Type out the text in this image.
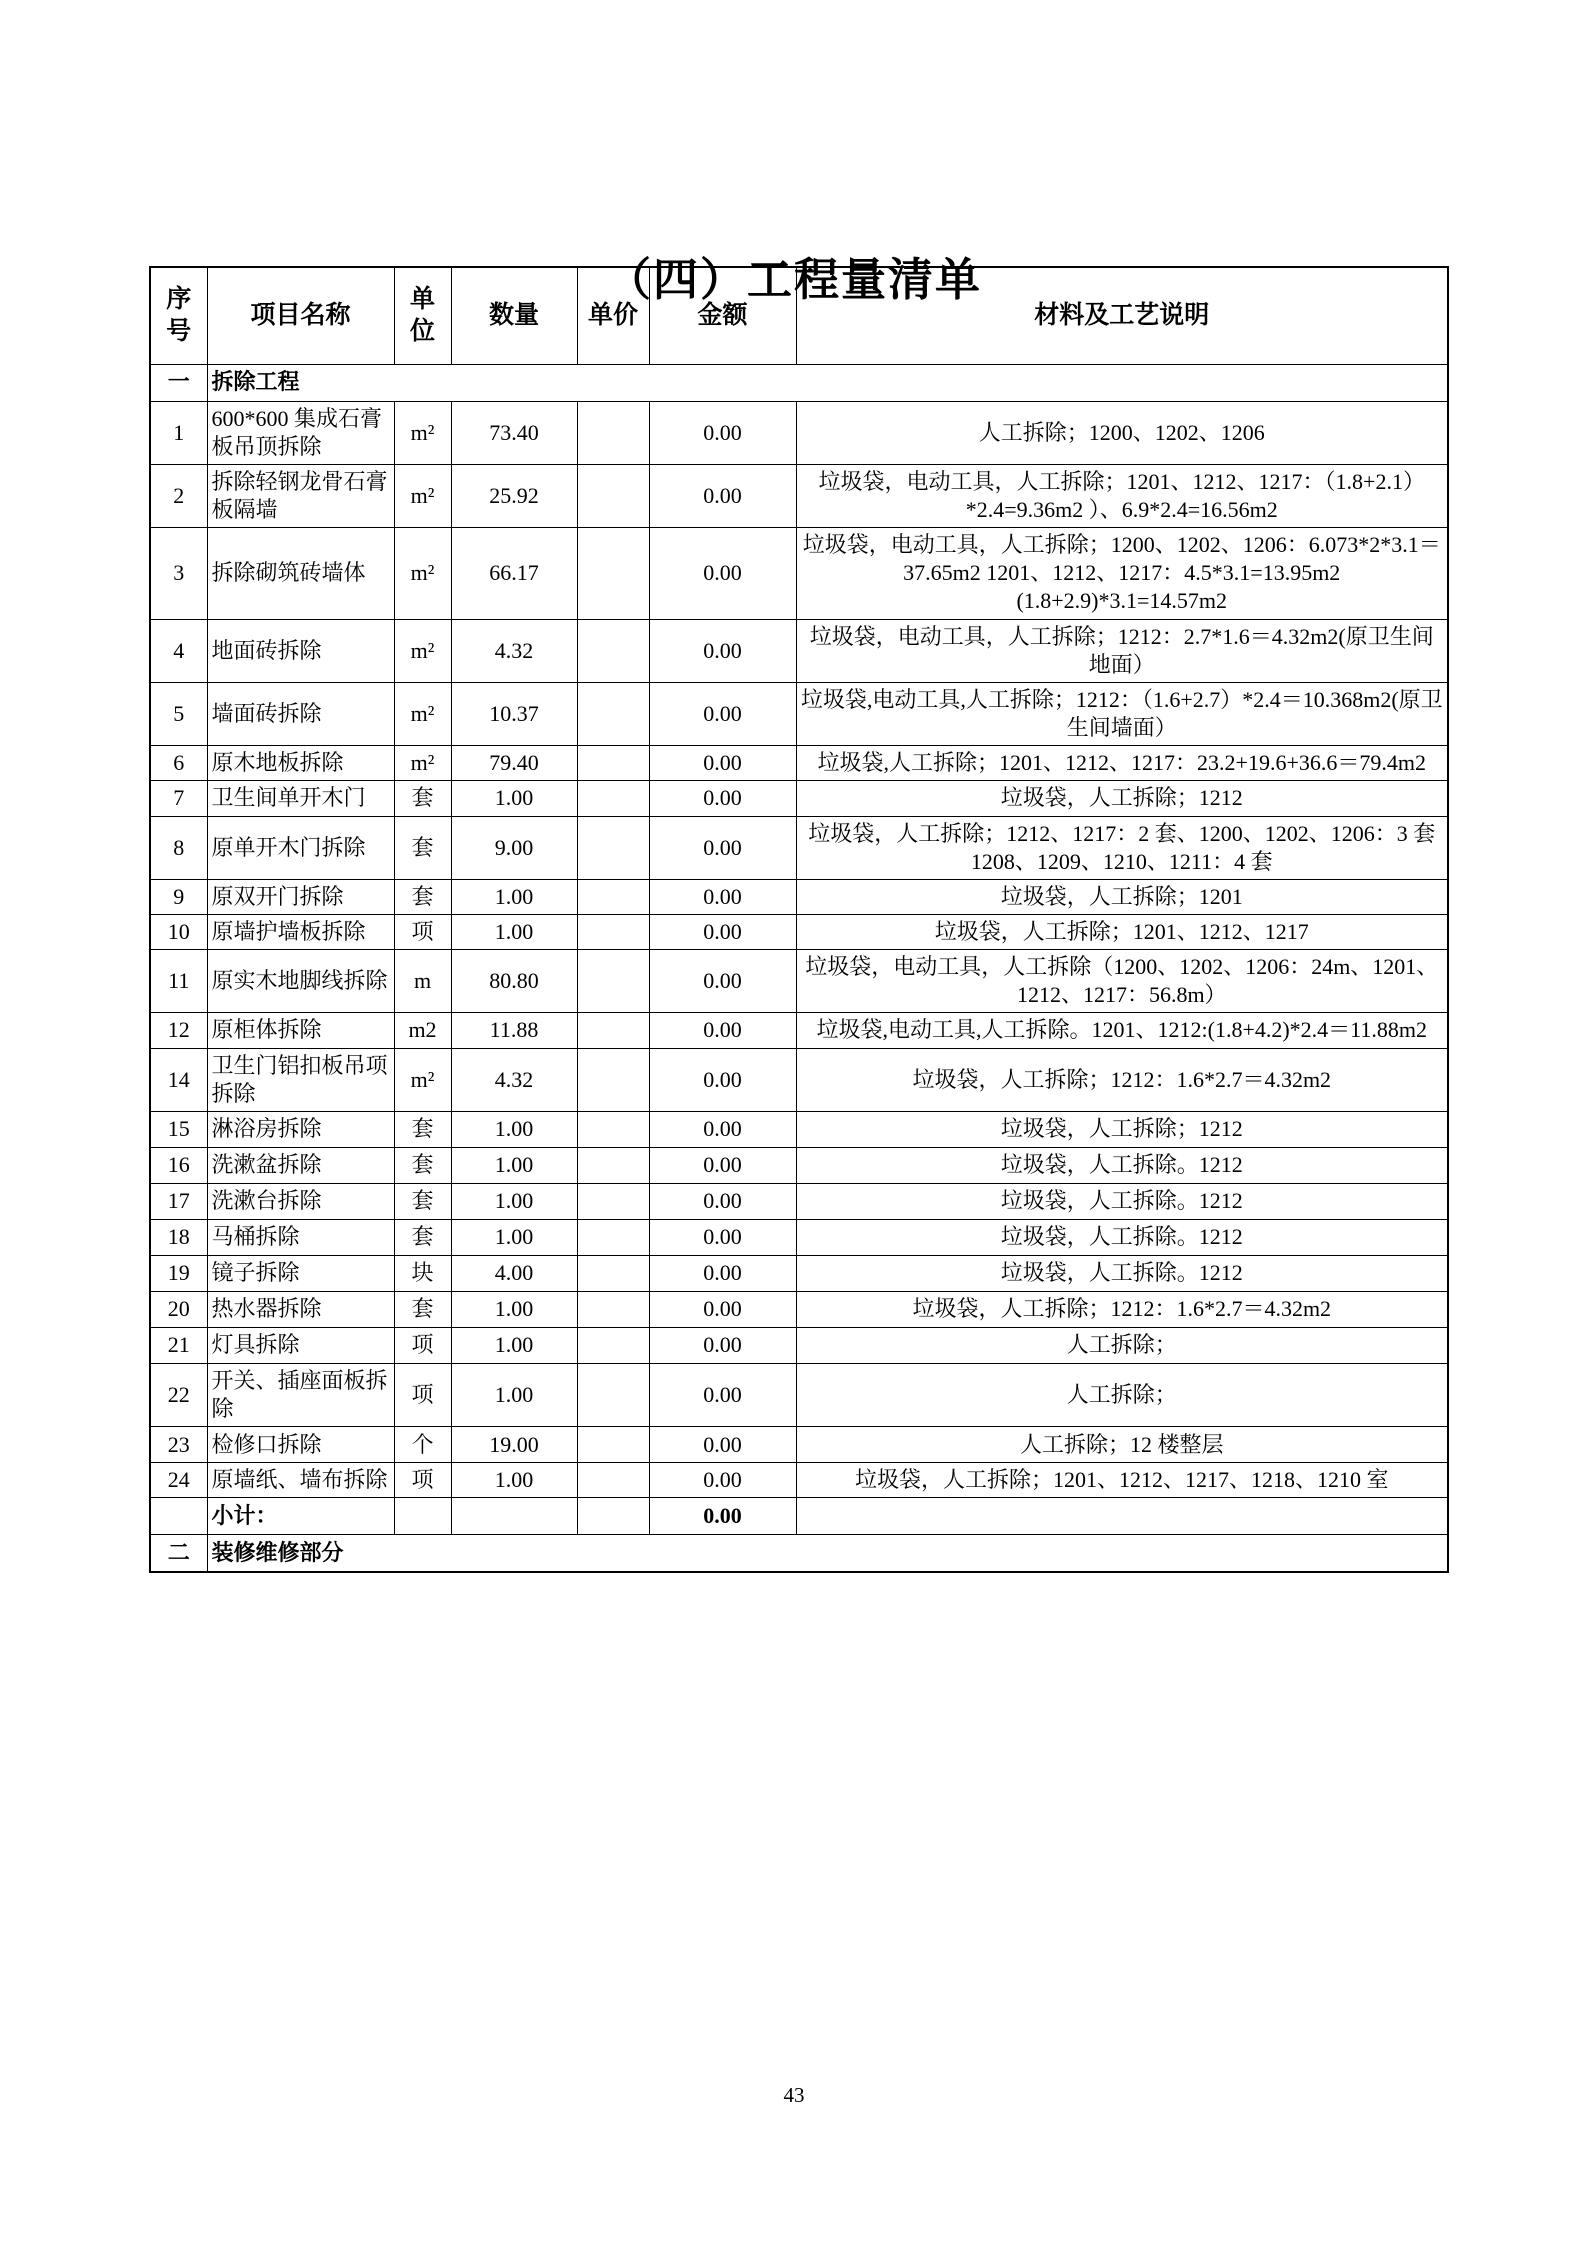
（四）工程量清单
序号	项目名称	单位	数量	单价	金额	材料及工艺说明
一	拆除工程					
1	600*600 集成石膏板吊顶拆除	m²	73.40		0.00	人工拆除；1200、1202、1206
2	拆除轻钢龙骨石膏板隔墙	m²	25.92		0.00	垃圾袋，电动工具，人工拆除；1201、1212、1217：（1.8+2.1）*2.4=9.36m2 ）、6.9*2.4=16.56m2
3	拆除砌筑砖墙体	m²	66.17		0.00	垃圾袋，电动工具，人工拆除；1200、1202、1206：6.073*2*3.1＝37.65m2 1201、1212、1217：4.5*3.1=13.95m2 (1.8+2.9)*3.1=14.57m2
4	地面砖拆除	m²	4.32		0.00	垃圾袋，电动工具，人工拆除；1212：2.7*1.6＝4.32m2(原卫生间地面）
5	墙面砖拆除	m²	10.37		0.00	垃圾袋,电动工具,人工拆除；1212：（1.6+2.7）*2.4＝10.368m2(原卫生间墙面）
6	原木地板拆除	m²	79.40		0.00	垃圾袋,人工拆除；1201、1212、1217：23.2+19.6+36.6＝79.4m2
7	卫生间单开木门	套	1.00		0.00	垃圾袋，人工拆除；1212
8	原单开木门拆除	套	9.00		0.00	垃圾袋，人工拆除；1212、1217：2 套、1200、1202、1206：3 套 1208、1209、1210、1211：4 套
9	原双开门拆除	套	1.00		0.00	垃圾袋，人工拆除；1201
10	原墙护墙板拆除	项	1.00		0.00	垃圾袋，人工拆除；1201、1212、1217
11	原实木地脚线拆除	m	80.80		0.00	垃圾袋，电动工具，人工拆除（1200、1202、1206：24m、1201、1212、1217：56.8m）
12	原柜体拆除	m2	11.88		0.00	垃圾袋,电动工具,人工拆除。1201、1212:(1.8+4.2)*2.4＝11.88m2
14	卫生门铝扣板吊项拆除	m²	4.32		0.00	垃圾袋，人工拆除；1212：1.6*2.7＝4.32m2
15	淋浴房拆除	套	1.00		0.00	垃圾袋，人工拆除；1212
16	洗漱盆拆除	套	1.00		0.00	垃圾袋，人工拆除。1212
17	洗漱台拆除	套	1.00		0.00	垃圾袋，人工拆除。1212
18	马桶拆除	套	1.00		0.00	垃圾袋，人工拆除。1212
19	镜子拆除	块	4.00		0.00	垃圾袋，人工拆除。1212
20	热水器拆除	套	1.00		0.00	垃圾袋，人工拆除；1212：1.6*2.7＝4.32m2
21	灯具拆除	项	1.00		0.00	人工拆除；
22	开关、插座面板拆除	项	1.00		0.00	人工拆除；
23	检修口拆除	个	19.00		0.00	人工拆除；12 楼整层
24	原墙纸、墙布拆除	项	1.00		0.00	垃圾袋，人工拆除；1201、1212、1217、1218、1210 室
	小计：				0.00	
二	装修维修部分					
43
